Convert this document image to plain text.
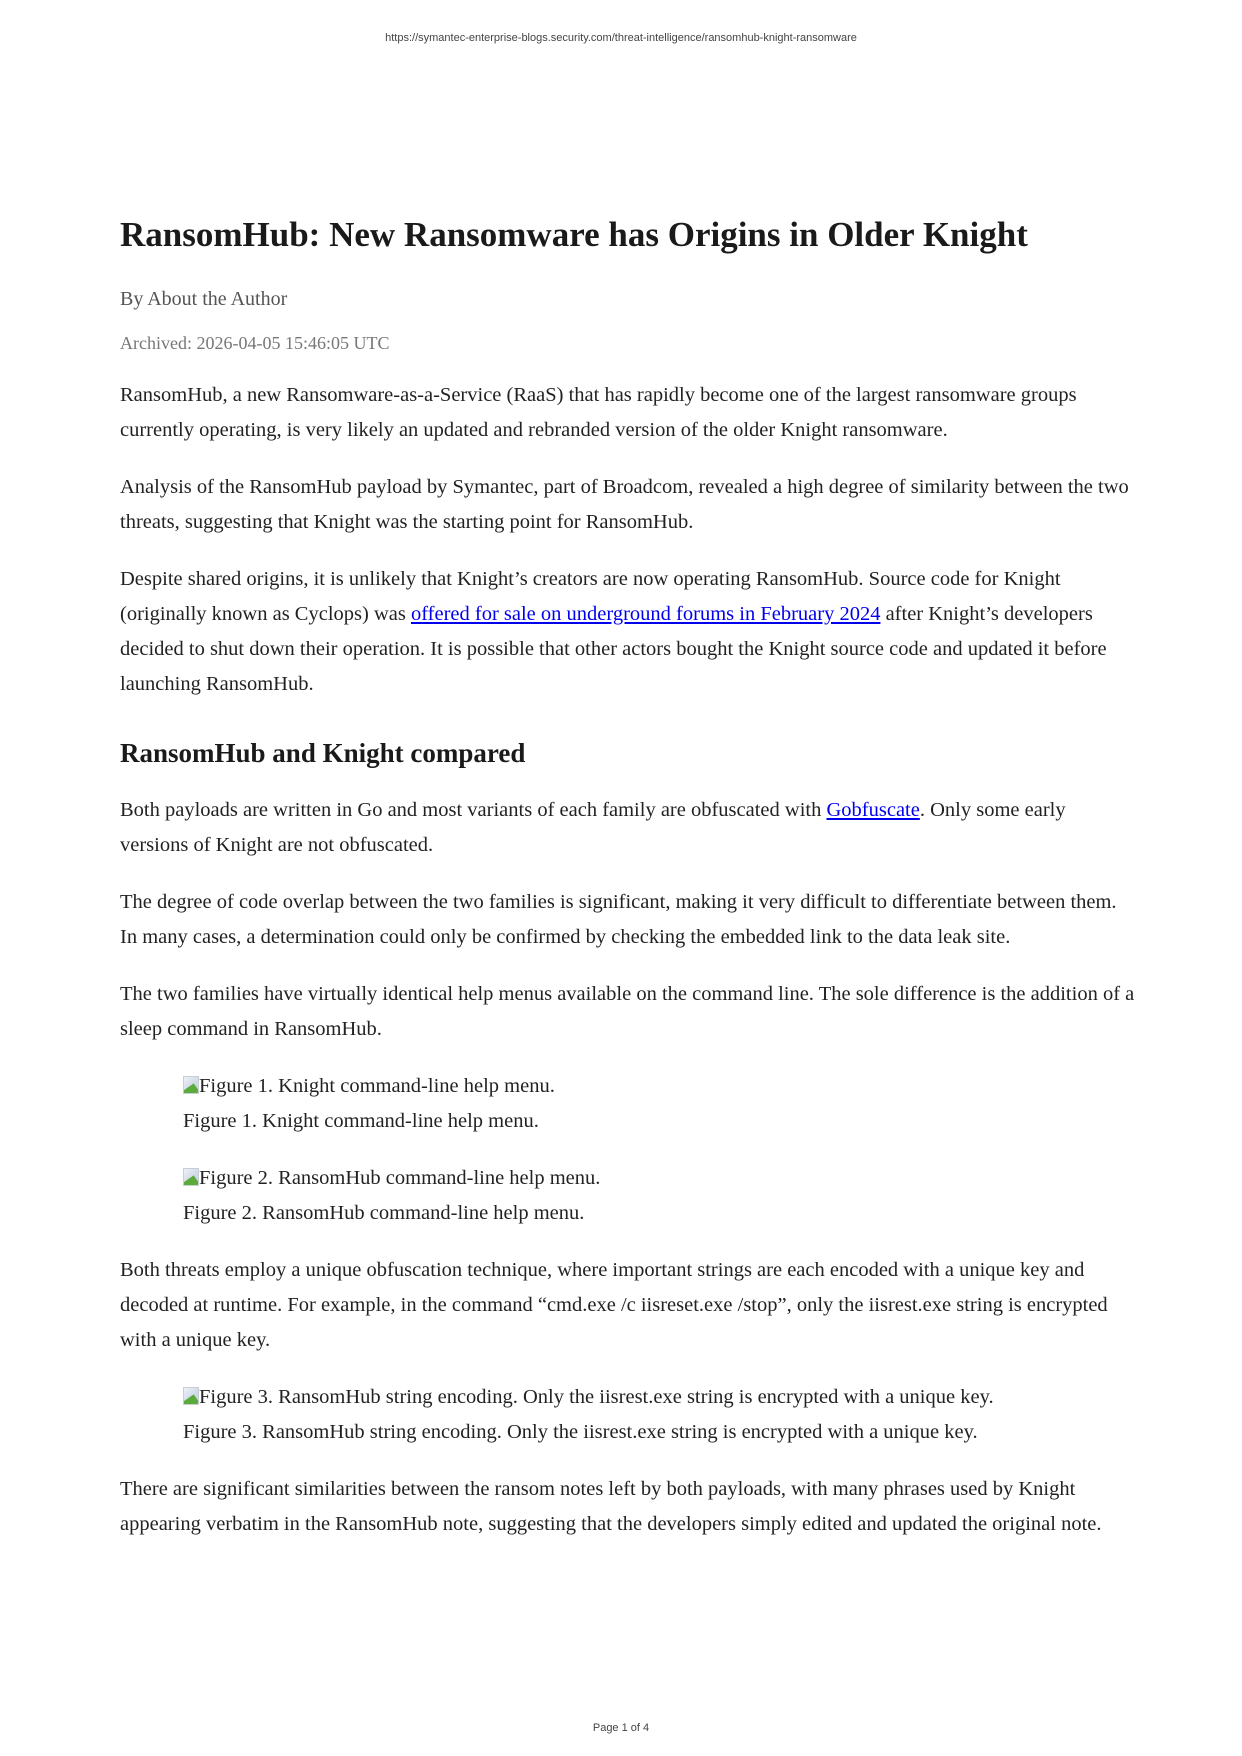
https://symantec-enterprise-blogs.security.com/threat-intelligence/ransomhub-knight-ransomware
RansomHub: New Ransomware has Origins in Older Knight
By About the Author
Archived: 2026-04-05 15:46:05 UTC

RansomHub, a new Ransomware-as-a-Service (RaaS) that has rapidly become one of the largest ransomware groups currently operating, is very likely an updated and rebranded version of the older Knight ransomware.

Analysis of the RansomHub payload by Symantec, part of Broadcom, revealed a high degree of similarity between the two threats, suggesting that Knight was the starting point for RansomHub.

Despite shared origins, it is unlikely that Knight’s creators are now operating RansomHub. Source code for Knight (originally known as Cyclops) was offered for sale on underground forums in February 2024 after Knight’s developers decided to shut down their operation. It is possible that other actors bought the Knight source code and updated it before launching RansomHub.

RansomHub and Knight compared

Both payloads are written in Go and most variants of each family are obfuscated with Gobfuscate. Only some early versions of Knight are not obfuscated.

The degree of code overlap between the two families is significant, making it very difficult to differentiate between them. In many cases, a determination could only be confirmed by checking the embedded link to the data leak site.

The two families have virtually identical help menus available on the command line. The sole difference is the addition of a sleep command in RansomHub.

Figure 1. Knight command-line help menu.
Figure 1. Knight command-line help menu.
Figure 2. RansomHub command-line help menu.
Figure 2. RansomHub command-line help menu.

Both threats employ a unique obfuscation technique, where important strings are each encoded with a unique key and decoded at runtime. For example, in the command “cmd.exe /c iisreset.exe /stop”, only the iisrest.exe string is encrypted with a unique key.

Figure 3. RansomHub string encoding. Only the iisrest.exe string is encrypted with a unique key.
Figure 3. RansomHub string encoding. Only the iisrest.exe string is encrypted with a unique key.

There are significant similarities between the ransom notes left by both payloads, with many phrases used by Knight appearing verbatim in the RansomHub note, suggesting that the developers simply edited and updated the original note.

Page 1 of 4
